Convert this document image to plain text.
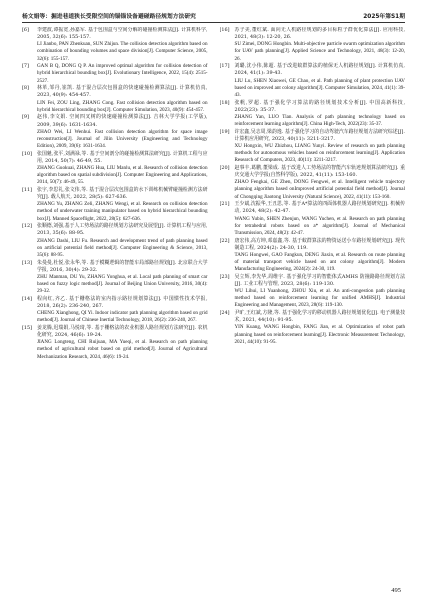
杨文娟等：掘进巷道狭长受限空间的锚锚设备避碰路径规划方法研究	2025年第S1期
[6]	李建波,谭振宽,孙嘉军. 基于包围盒与空间分解的碰撞检测算法[J]. 计算机科学, 2005, 32(6): 155-157.

LI Jianbo, PAN Zhenkuan, SUN Zhijun. The collision detection algorithm based on combination of bounding volumes and space division[J]. Computer Science, 2005, 32(6): 155-157.

[7]	GAN B Q, DONG Q P. An improved optimal algorithm for collision detection of hybrid hierarchical bounding box[J]. Evolutionary Intelligence, 2022, 15(4): 2515-2527.

[8]	林革,邹丹,崔凯. 基于混合层次包围盒的快速碰撞检测算法[J]. 计算机仿真, 2023, 40(9): 454-457.

LIN Fei, ZOU Ling, ZHANG Cong. Fast collision detection algorithm based on hybrid hierarchical bounding box[J]. Computer Simulation, 2023, 40(9): 454-457.

[9]	赵伟,李文娟. 空间四叉树的快速碰撞检测算法[J]. 吉林大学学报(工学版), 2009, 39(6): 1631-1634.

ZHAO Wei, LI Wenhui. Fast collision detection algorithm for space image reconstruction[J]. Journal of Jilin University (Engineering and Technology Edition), 2009, 39(6): 1631-1634.

[10]	张国魁,张平,刘满禄,等. 基于空间剖分的碰撞检测算法研究[J]. 计算机工程与应用, 2014, 50(7): 46-49, 55.

ZHANG Guokuai, ZHANG Hua, LIU Manlu, et al. Research of collision detection algorithm based on spatial subdivision[J]. Computer Engineering and Applications, 2014, 50(7): 46-49, 55.

[11]	张宇,李思礼,张文伟,等. 基于混合层次包围盒的水下训练机械臂碰撞检测方法研究[J]. 载人航天, 2022, 28(5): 627-636.

ZHANG Yu, ZHANG Zeli, ZHANG Wengi, et al. Research on collision detection method of underwater training manipulator based on hybrid hierarchical bounding box[J]. Manned Spaceflight, 2022, 28(5): 627-636.

[12]	张顺德,刘强,基于人工势场法的路径规划方法研究及展望[J]. 计算机工程与应用, 2013, 35(6): 88-95.

ZHANG Dashi, LIU Fu. Research and development trend of path planning based on artificial potential field method[J]. Computer Engineering & Science, 2013, 35(6): 88-95.

[13]	朱曼曼,杜悦,张永华,等. 基于模糊逻辑的智能车局部路径规划[J]. 北京联合大学学报, 2016, 30(4): 29-32.

ZHU Manman, DU Yu, ZHANG Yonghua, et al. Local path planning of smart car based on fuzzy logic method[J]. Journal of Beijing Union University, 2016, 30(4): 29-32.

[14]	程向红,齐乙. 基于栅格法的室内指示路径规划算法[J]. 中国惯性技术学报, 2018, 26(2): 236-240, 267.

CHENG Xianghong, QI Yi. Indoor indicator path planning algorithm based on grid method[J]. Journal of Chinese Inertial Technology, 2018, 26(2): 236-240, 267.

[15]	姜龙腾,迟瑞娟,马悦琦,等. 基于栅格法的农业机器人路径规划方法研究[J]. 农机化研究, 2024, 46(6): 19-24.

JIANG Longteng, CHI Ruijuan, MA Yueqi, et al. Research on path planning method of agricultural robot based on grid method[J]. Journal of Agricultural Mechanization Research, 2024, 46(6): 19-24.

[16]	苏子美,董红斌. 面向无人机路径规划的多目标粒子群优化算法[J]. 应用科技, 2021, 48(3): 12-20, 26.

SU Zimei, DONG Hongbin. Multi-objective particle swarm optimization algorithm for UAV path planning[J]. Applied Science and Technology, 2021, 48(3): 12-20, 26.

[17]	刘璐,沈小伟,陈超. 基于改进蚁群算法的植保无人机路径规划[J]. 计算机仿真, 2024, 41(1): 39-43.

LIU Lu, SHEN Xiaowei, GE Chao, et al. Path planning of plant protection UAV based on improved ant colony algorithm[J]. Computer Simulation, 2024, 41(1): 39-43.

[18]	张帆,罗超. 基于强化学习算法的路径规划技术分析[J]. 中国高新科技, 2022(23): 35-37.

ZHANG Yan, LUO Tian. Analysis of path planning technology based on reinforcement learning algorithm[J]. China High-Tech, 2022(23): 35-37.

[19]	许宏鑫,吴志周,梁韵逸. 基于强化学习的自动驾驶汽车路径规划方法研究综述[J]. 计算机应用研究, 2023, 40(11): 3211-3217.

XU Hongxin, WU Zhizhou, LIANG Yunyi. Review of research on path planning methods for autonomous vehicles based on reinforcement learning[J]. Application Research of Computers, 2023, 40(11): 3211-3217.

[20]	赵事丰,葛鹏,董梁成. 基于改进人工势场法的智能汽车轨迹规划算法研究[J]. 重庆交通大学学报(自然科学版), 2022, 41(11): 153-160.

ZHAO Fengkai, GE Zhen, DONG Fengwei, et al. Intelligent vehicle trajectory planning algorithm based onImproved artificial potential field method[J]. Journal of Chongqing Jiaotong University (Natural Science), 2022, 41(11): 153-160.

[21]	王少斌,沈振华,王丑思,等. 基于A*算法的四面体机器人路径规划研究[J]. 机械传动, 2024, 48(2): 42-47.

WANG Yubin, SHEN Zhenjun, WANG Yuchen, et al. Research on path planning for tetrahedral robots based on a* algorithm[J]. Journal of Mechanical Transmission, 2024, 48(2): 42-47.

[22]	唐宏伟,高方坤,邓嘉鑫,等. 基于蚁群算法的物资运送小车路径规划研究[J]. 现代制造工程, 2024(2): 24-30, 119.

TANG Hongwei, GAO Fangkun, DENG Jiaxin, et al. Research on route planning of material transport vehicle based on ant colony algorithm[J]. Modern Manufacturing Engineering, 2024(2): 24-30, 119.

[23]	吴立辉,李先华,周维宇. 基于强化学习的智能体式AMHS 防撞路路径规划方法[J]. 工业工程与管理, 2023, 28(6): 119-130.

WU Lihui, LI Yuanhong, ZHOU Xiu, et al. An anti-congestion path planning method based on reinforcement learning for unified AMHS[J]. Industrial Engineering and Management, 2023, 28(6): 119-130.

[24]	尹旷,王红斌,方隆,等. 基于强化学习的移动机器人路径规划优化[J]. 电子测量技术, 2021, 44(10): 91-95.

YIN Kuang, WANG Hongbin, FANG Jian, et al. Optimization of robot path planning based on reinforcement learning[J]. Electronic Measurement Technology, 2021, 44(10): 91-95.

495
